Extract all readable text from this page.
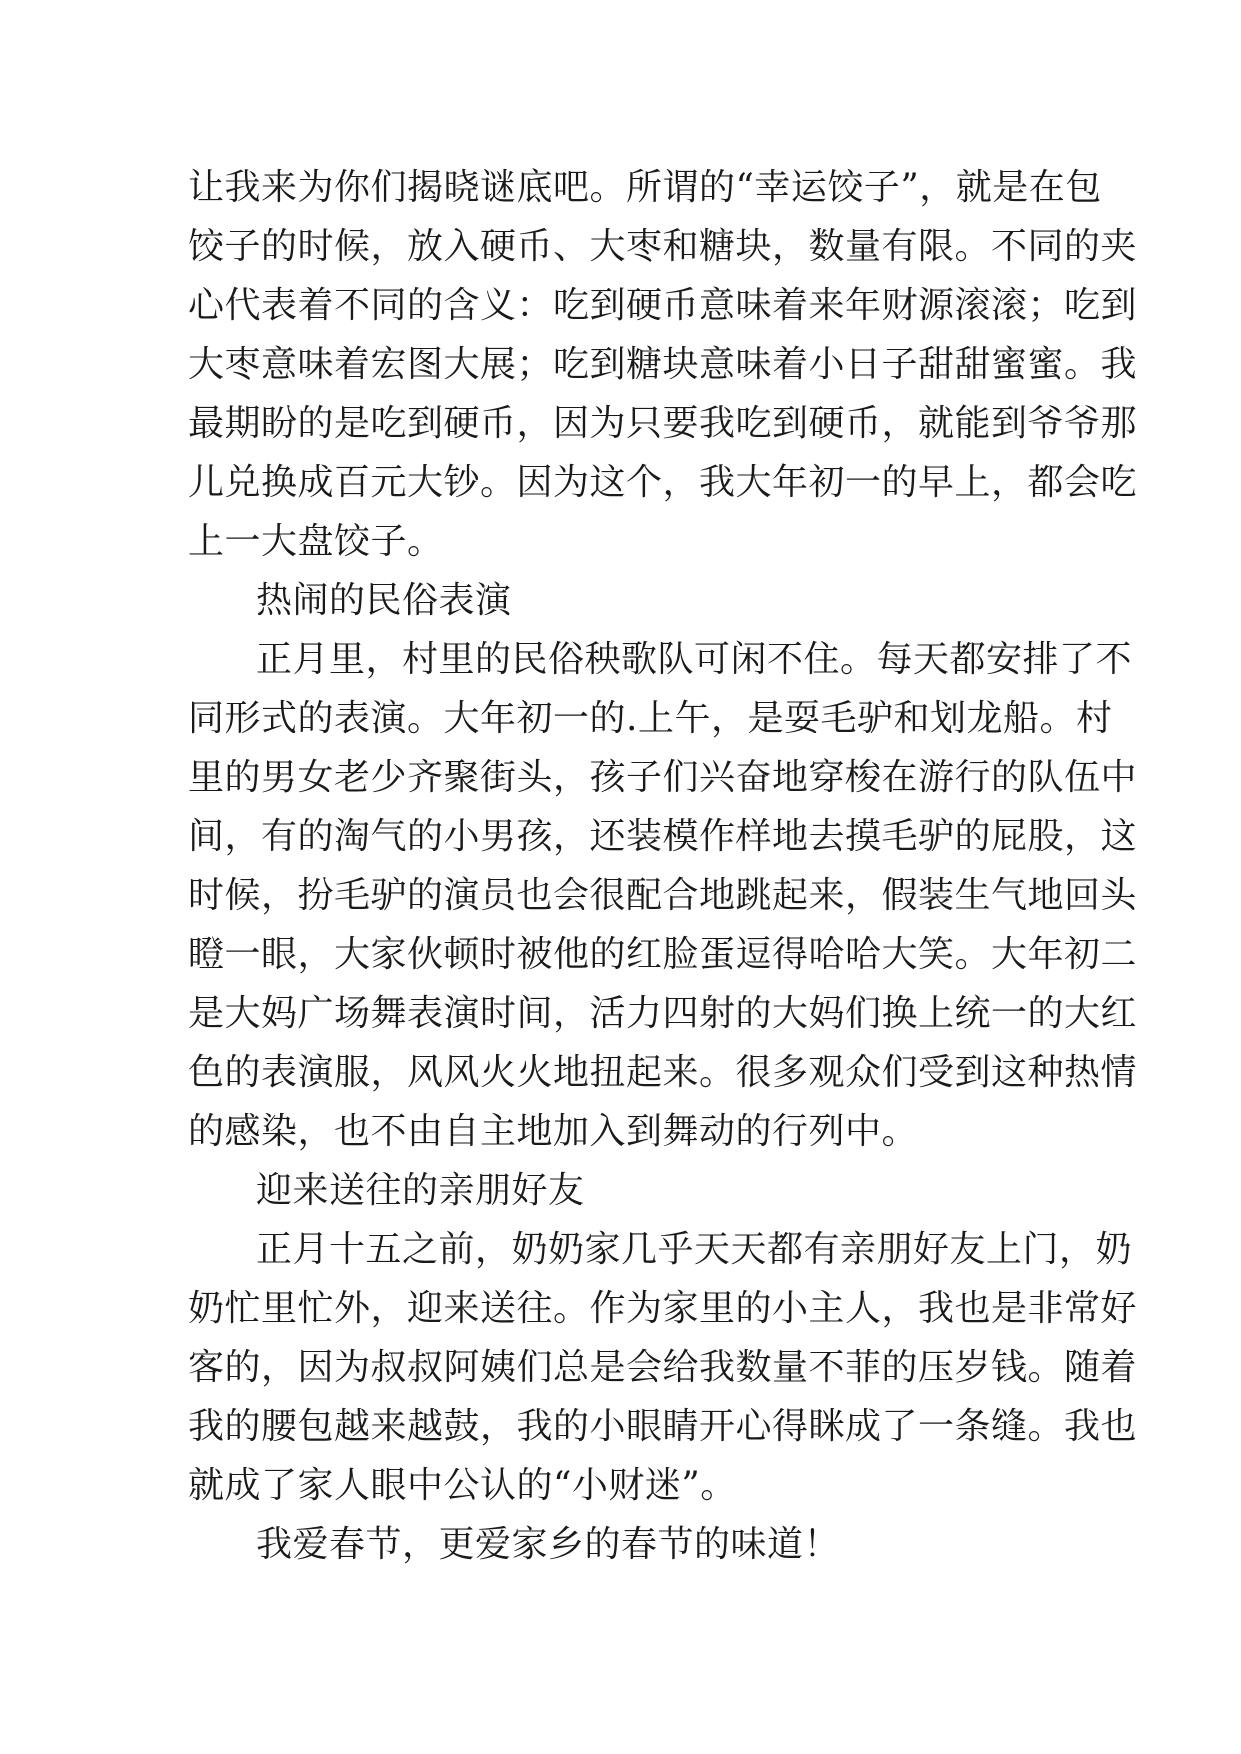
让我来为你们揭晓谜底吧。所谓的“幸运饺子”，就是在包
饺子的时候，放入硬币、大枣和糖块，数量有限。不同的夹
心代表着不同的含义：吃到硬币意味着来年财源滚滚；吃到
大枣意味着宏图大展；吃到糖块意味着小日子甜甜蜜蜜。我
最期盼的是吃到硬币，因为只要我吃到硬币，就能到爷爷那
儿兑换成百元大钞。因为这个，我大年初一的早上，都会吃
上一大盘饺子。
热闹的民俗表演
正月里，村里的民俗秧歌队可闲不住。每天都安排了不
同形式的表演。大年初一的.上午，是耍毛驴和划龙船。村
里的男女老少齐聚街头，孩子们兴奋地穿梭在游行的队伍中
间，有的淘气的小男孩，还装模作样地去摸毛驴的屁股，这
时候，扮毛驴的演员也会很配合地跳起来，假装生气地回头
瞪一眼，大家伙顿时被他的红脸蛋逗得哈哈大笑。大年初二
是大妈广场舞表演时间，活力四射的大妈们换上统一的大红
色的表演服，风风火火地扭起来。很多观众们受到这种热情
的感染，也不由自主地加入到舞动的行列中。
迎来送往的亲朋好友
正月十五之前，奶奶家几乎天天都有亲朋好友上门，奶
奶忙里忙外，迎来送往。作为家里的小主人，我也是非常好
客的，因为叔叔阿姨们总是会给我数量不菲的压岁钱。随着
我的腰包越来越鼓，我的小眼睛开心得眯成了一条缝。我也
就成了家人眼中公认的“小财迷”。
我爱春节，更爱家乡的春节的味道！
